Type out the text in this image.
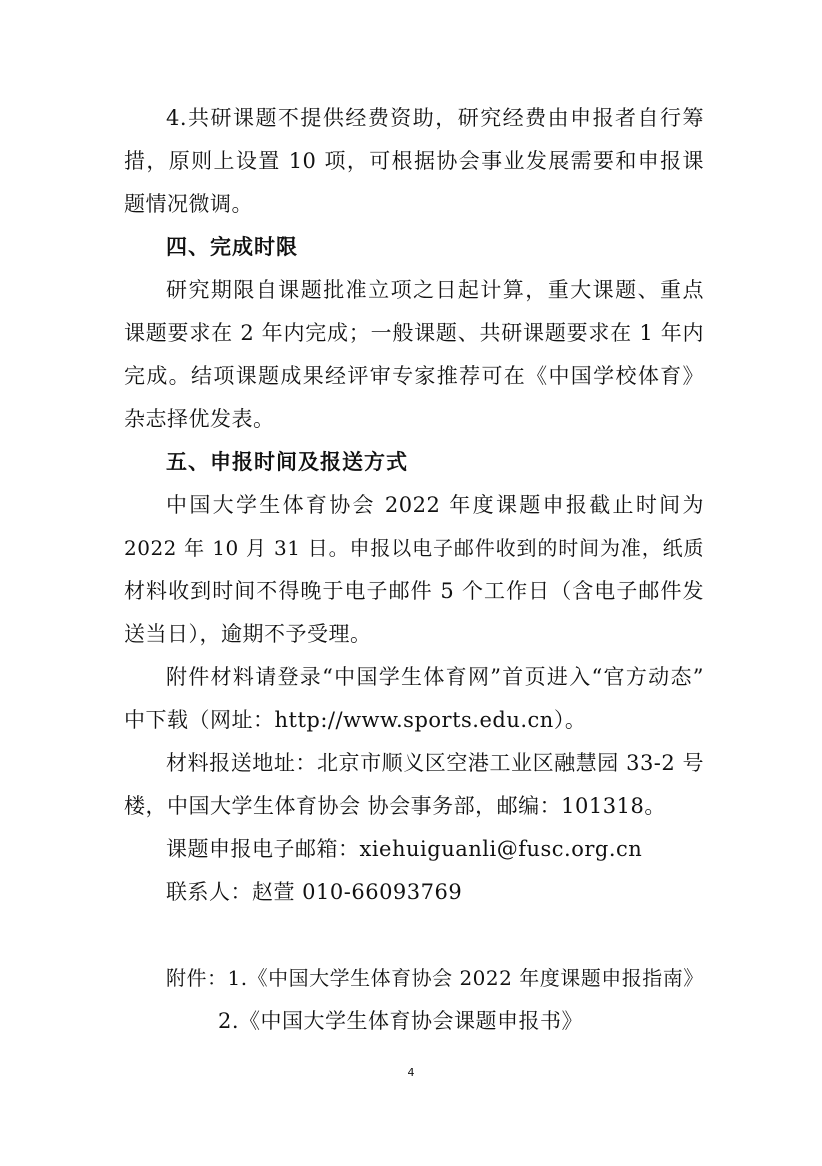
4.共研课题不提供经费资助，研究经费由申报者自行筹
措，原则上设置 10 项，可根据协会事业发展需要和申报课
题情况微调。
四、完成时限
研究期限自课题批准立项之日起计算，重大课题、重点
课题要求在 2 年内完成；一般课题、共研课题要求在 1 年内
完成。结项课题成果经评审专家推荐可在《中国学校体育》
杂志择优发表。
五、申报时间及报送方式
中国大学生体育协会 2022 年度课题申报截止时间为
2022 年 10 月 31 日。申报以电子邮件收到的时间为准，纸质
材料收到时间不得晚于电子邮件 5 个工作日（含电子邮件发
送当日），逾期不予受理。
附件材料请登录“中国学生体育网”首页进入“官方动态”
中下载（网址：http://www.sports.edu.cn）。
材料报送地址：北京市顺义区空港工业区融慧园 33-2 号
楼，中国大学生体育协会 协会事务部，邮编：101318。
课题申报电子邮箱：xiehuiguanli@fusc.org.cn
联系人：赵萱 010-66093769
附件：1.《中国大学生体育协会 2022 年度课题申报指南》
2.《中国大学生体育协会课题申报书》
4
